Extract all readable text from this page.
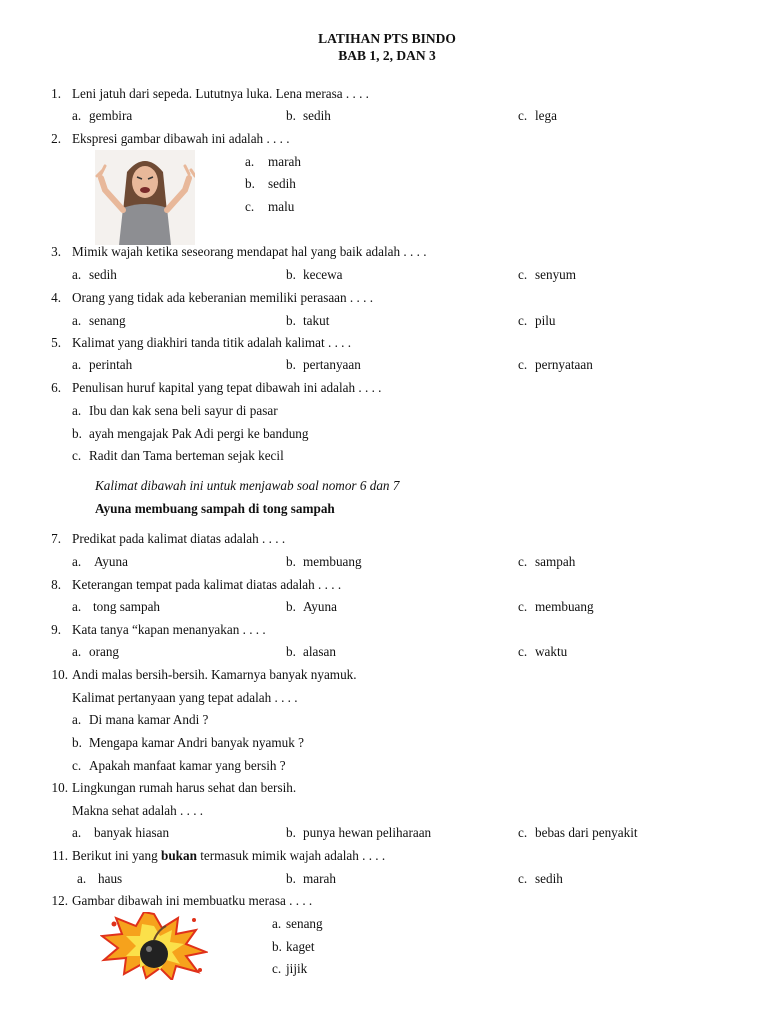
LATIHAN PTS BINDO
BAB 1, 2, DAN 3
1. Leni jatuh dari sepeda. Lututnya luka. Lena merasa . . . .
a. gembira	b. sedih	c. lega
2. Ekspresi gambar dibawah ini adalah . . . .
a. marah
b. sedih
c. malu
3. Mimik wajah ketika seseorang mendapat hal yang baik adalah . . . .
a. sedih	b. kecewa	c. senyum
4. Orang yang tidak ada keberanian memiliki perasaan . . . .
a. senang	b. takut	c. pilu
5. Kalimat yang diakhiri tanda titik adalah kalimat . . . .
a. perintah	b. pertanyaan	c. pernyataan
6. Penulisan huruf kapital yang tepat dibawah ini adalah . . . .
a. Ibu dan kak sena beli sayur di pasar
b. ayah mengajak Pak Adi pergi ke bandung
c. Radit dan Tama berteman sejak kecil
Kalimat dibawah ini untuk menjawab soal nomor 6 dan 7
Ayuna membuang sampah di tong sampah
7. Predikat pada kalimat diatas adalah . . . .
a. Ayuna	b. membuang	c. sampah
8. Keterangan tempat pada kalimat diatas adalah . . . .
a. tong sampah	b. Ayuna	c. membuang
9. Kata tanya “kapan menanyakan . . . .
a. orang	b. alasan	c. waktu
10. Andi malas bersih-bersih. Kamarnya banyak nyamuk.
Kalimat pertanyaan yang tepat adalah . . . .
a. Di mana kamar Andi ?
b. Mengapa kamar Andri banyak nyamuk ?
c. Apakah manfaat kamar yang bersih ?
10. Lingkungan rumah harus sehat dan bersih.
Makna sehat adalah . . . .
a. banyak hiasan	b. punya hewan peliharaan	c. bebas dari penyakit
11. Berikut ini yang bukan termasuk mimik wajah adalah . . . .
a. haus	b. marah	c. sedih
12. Gambar dibawah ini membuatku merasa . . . .
a. senang
b. kaget
c. jijik
